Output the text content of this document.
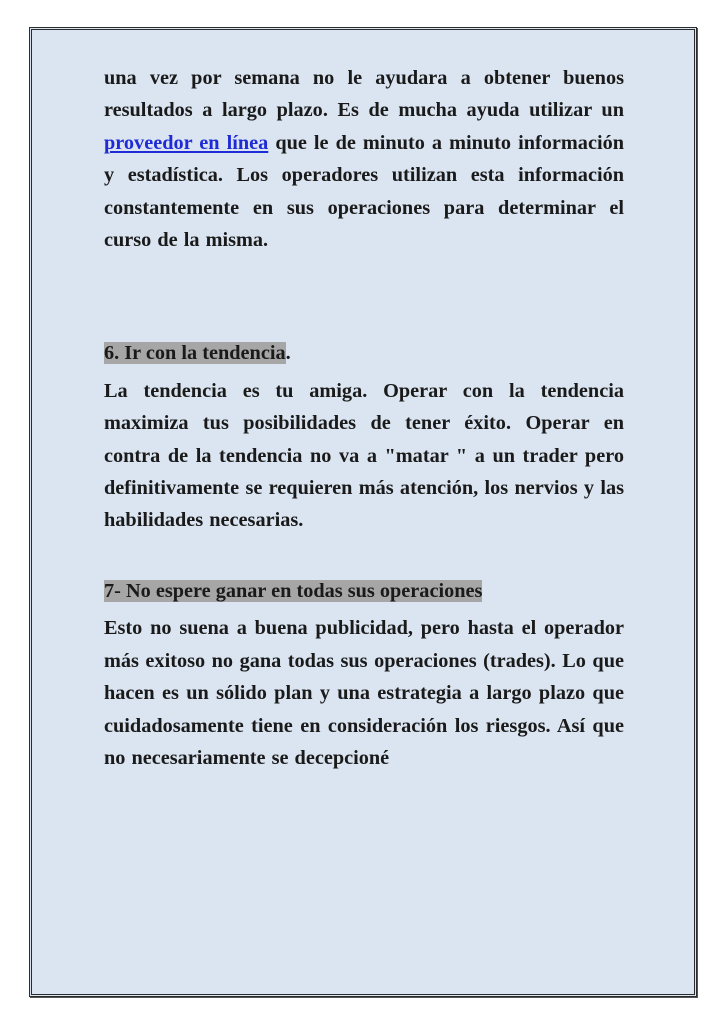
una vez por semana no le ayudara a obtener buenos resultados a largo plazo. Es de mucha ayuda utilizar un proveedor en línea que le de minuto a minuto información y estadística. Los operadores utilizan esta información constantemente en sus operaciones para determinar el curso de la misma.

6. Ir con la tendencia.

La tendencia es tu amiga. Operar con la tendencia maximiza tus posibilidades de tener éxito. Operar en contra de la tendencia no va a "matar " a un trader pero definitivamente se requieren más atención, los nervios y las habilidades necesarias.

7- No espere ganar en todas sus operaciones

Esto no suena a buena publicidad, pero hasta el operador más exitoso no gana todas sus operaciones (trades). Lo que hacen es un sólido plan y una estrategia a largo plazo que cuidadosamente tiene en consideración los riesgos. Así que no necesariamente se decepcioné
